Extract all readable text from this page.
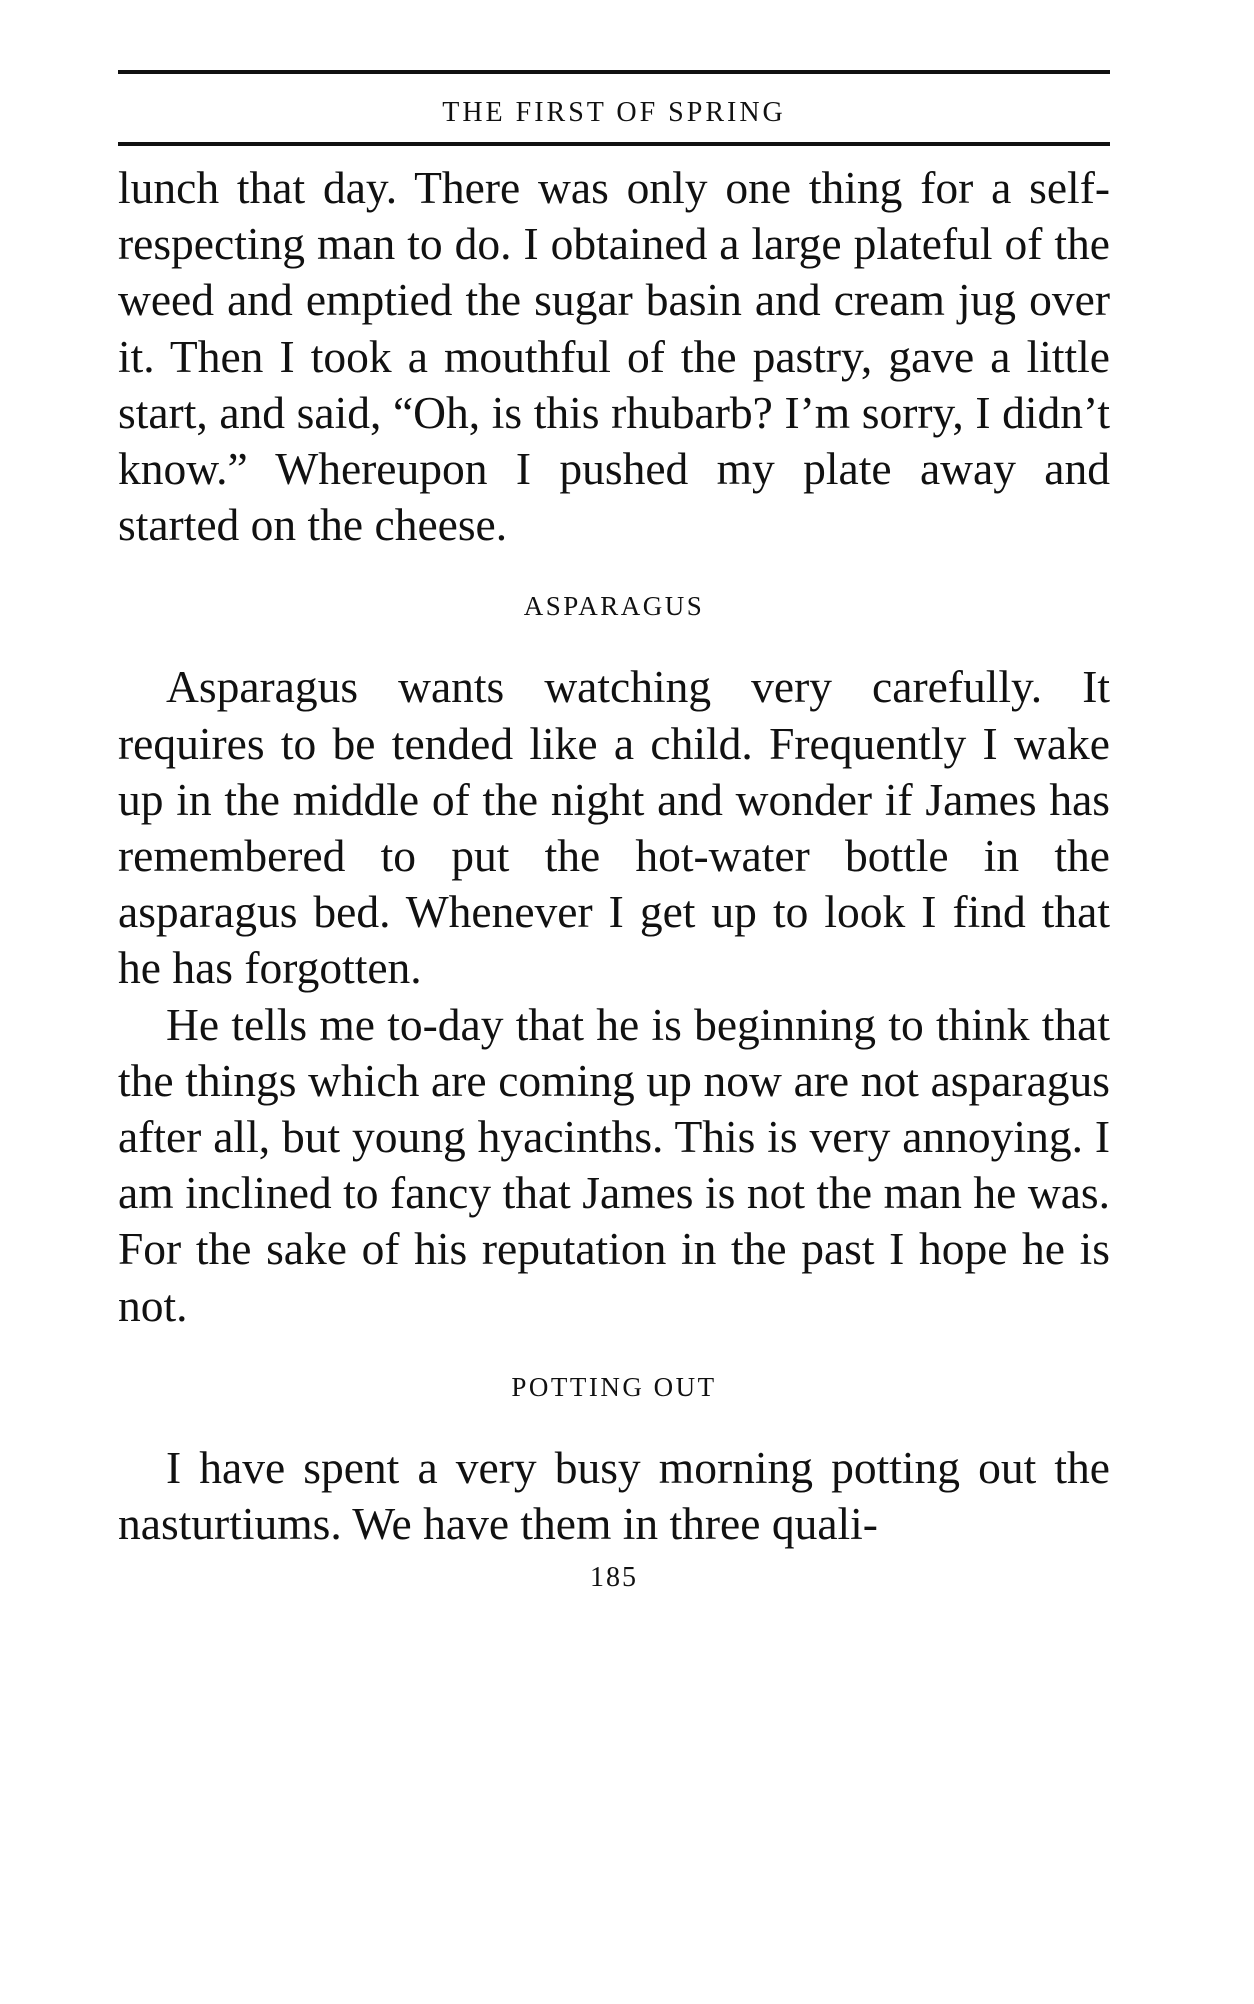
THE FIRST OF SPRING

lunch that day. There was only one thing for a self-respecting man to do. I obtained a large plateful of the weed and emptied the sugar basin and cream jug over it. Then I took a mouthful of the pastry, gave a little start, and said, “Oh, is this rhubarb? I’m sorry, I didn’t know.” Whereupon I pushed my plate away and started on the cheese.

ASPARAGUS

Asparagus wants watching very carefully. It requires to be tended like a child. Frequently I wake up in the middle of the night and wonder if James has remembered to put the hot-water bottle in the asparagus bed. Whenever I get up to look I find that he has forgotten.

He tells me to-day that he is beginning to think that the things which are coming up now are not asparagus after all, but young hyacinths. This is very annoying. I am inclined to fancy that James is not the man he was. For the sake of his reputation in the past I hope he is not.

POTTING OUT

I have spent a very busy morning potting out the nasturtiums. We have them in three quali-

185
